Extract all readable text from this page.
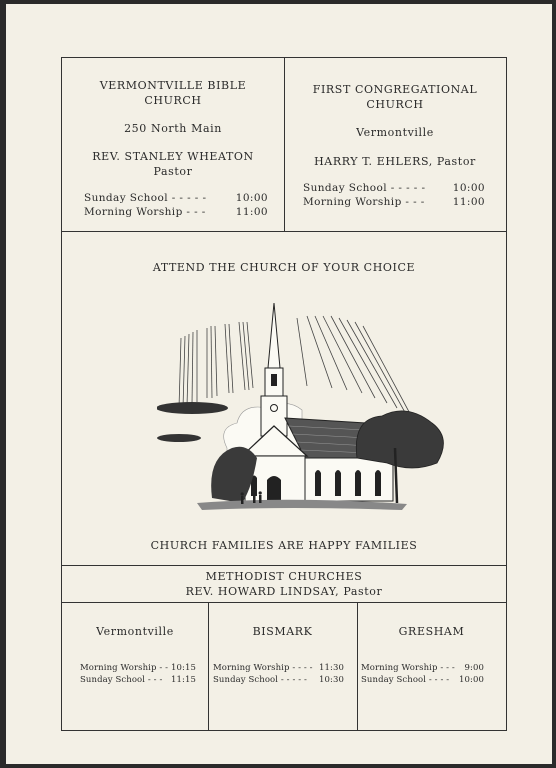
VERMONTVILLE BIBLE
CHURCH
250 North Main
REV. STANLEY WHEATON
Pastor
Sunday School - - - - -	10:00
Morning Worship - - -	11:00
FIRST CONGREGATIONAL
CHURCH
Vermontville
HARRY T. EHLERS, Pastor
Sunday School - - - - -	10:00
Morning Worship - - -	11:00
ATTEND THE CHURCH OF YOUR CHOICE
CHURCH FAMILIES ARE HAPPY FAMILIES
METHODIST CHURCHES
REV. HOWARD LINDSAY, Pastor
Vermontville
Morning Worship - - 10:15
Sunday School - - - 11:15
BISMARK
Morning Worship - - - - 11:30
Sunday School - - - - - 10:30
GRESHAM
Morning Worship - - - 9:00
Sunday School - - - - 10:00
